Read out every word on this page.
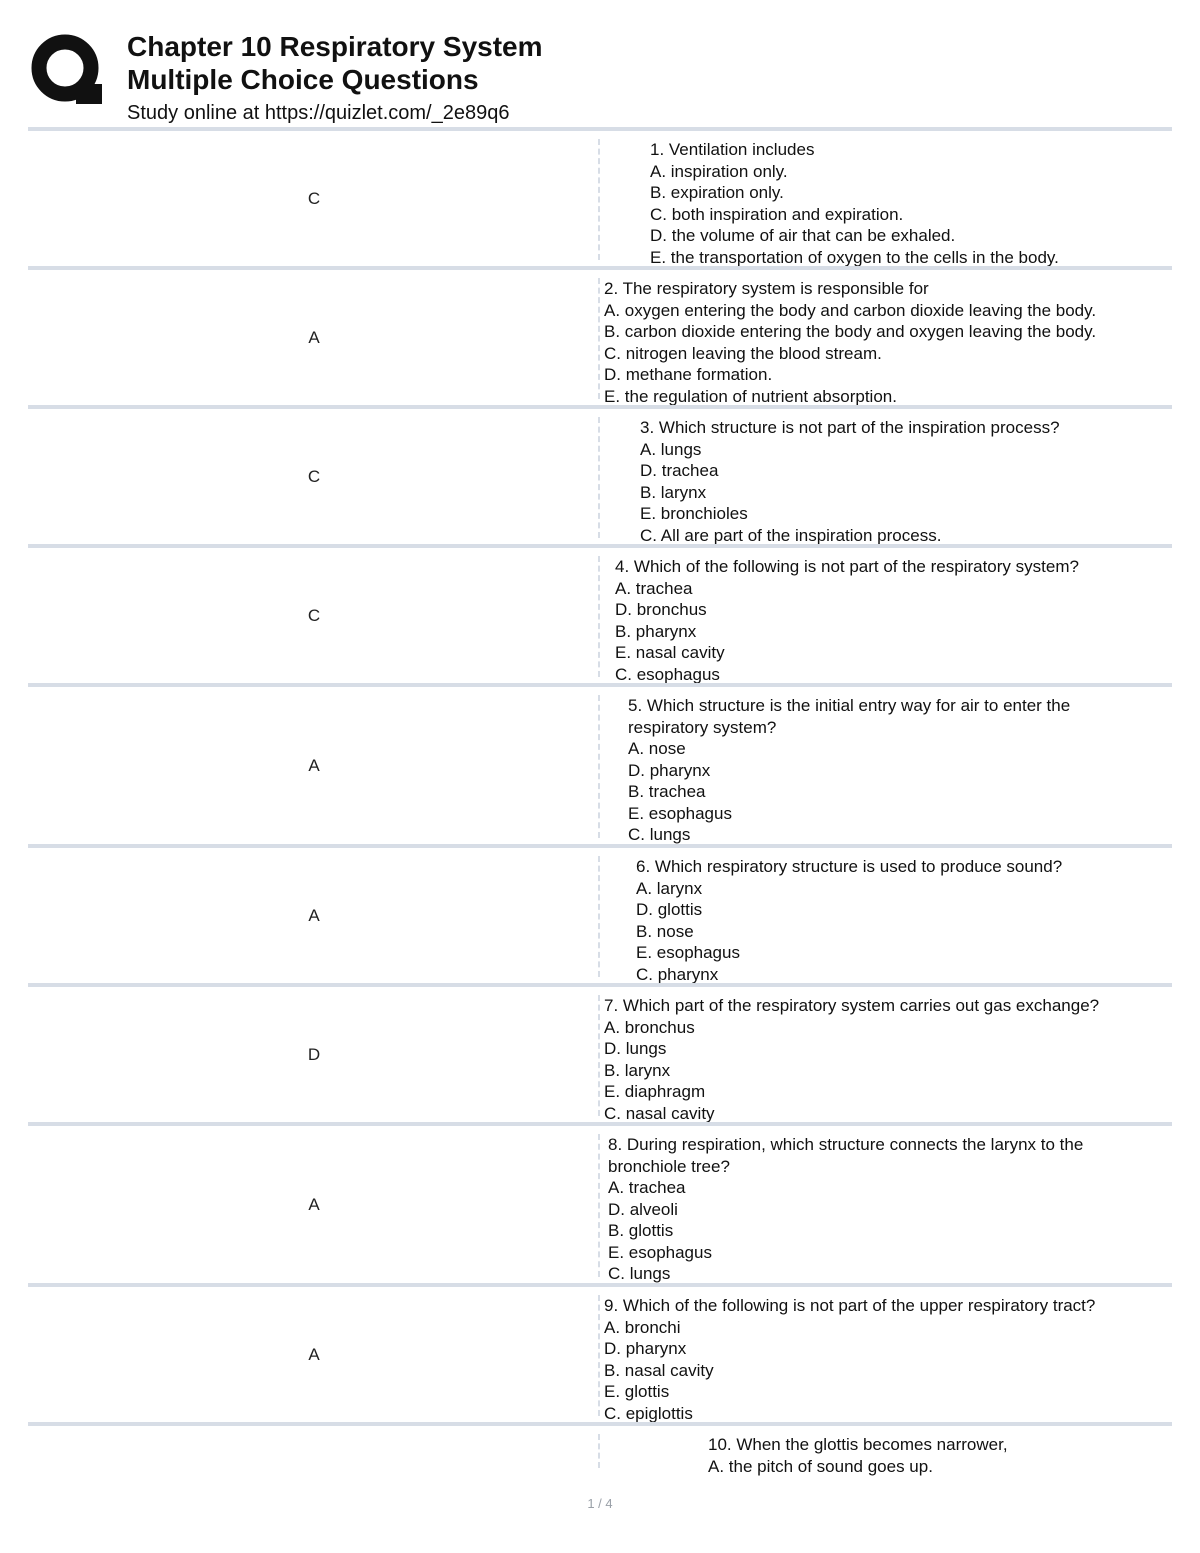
Chapter 10 Respiratory System
Multiple Choice Questions
Study online at https://quizlet.com/_2e89q6
C
1. Ventilation includes
A. inspiration only.
B. expiration only.
C. both inspiration and expiration.
D. the volume of air that can be exhaled.
E. the transportation of oxygen to the cells in the body.
A
2. The respiratory system is responsible for
A. oxygen entering the body and carbon dioxide leaving the body.
B. carbon dioxide entering the body and oxygen leaving the body.
C. nitrogen leaving the blood stream.
D. methane formation.
E. the regulation of nutrient absorption.
C
3. Which structure is not part of the inspiration process?
A. lungs
D. trachea
B. larynx
E. bronchioles
C. All are part of the inspiration process.
C
4. Which of the following is not part of the respiratory system?
A. trachea
D. bronchus
B. pharynx
E. nasal cavity
C. esophagus
A
5. Which structure is the initial entry way for air to enter the
respiratory system?
A. nose
D. pharynx
B. trachea
E. esophagus
C. lungs
A
6. Which respiratory structure is used to produce sound?
A. larynx
D. glottis
B. nose
E. esophagus
C. pharynx
D
7. Which part of the respiratory system carries out gas exchange?
A. bronchus
D. lungs
B. larynx
E. diaphragm
C. nasal cavity
A
8. During respiration, which structure connects the larynx to the
bronchiole tree?
A. trachea
D. alveoli
B. glottis
E. esophagus
C. lungs
A
9. Which of the following is not part of the upper respiratory tract?
A. bronchi
D. pharynx
B. nasal cavity
E. glottis
C. epiglottis
10. When the glottis becomes narrower,
A. the pitch of sound goes up.
1 / 4
